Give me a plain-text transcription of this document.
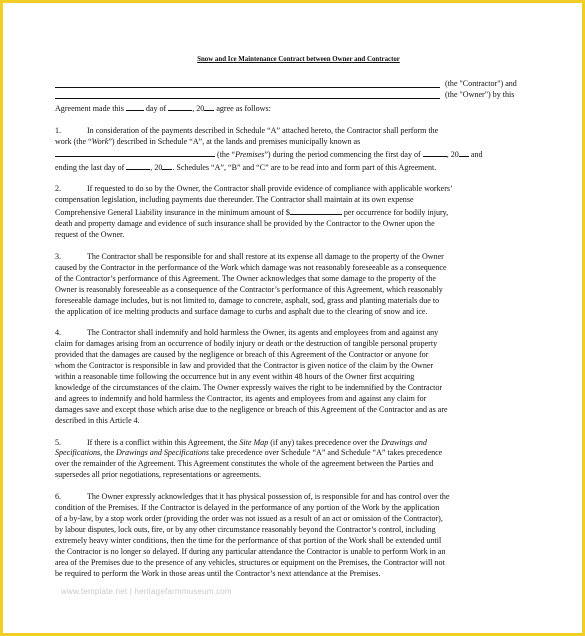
Snow and Ice Maintenance Contract between Owner and Contractor
(the "Contractor") and
(the "Owner") by this
Agreement made this	day of	, 20 agree as follows:
1.	In consideration of the payments described in Schedule “A” attached hereto, the Contractor shall perform the
work (the “Work”) described in Schedule “A”, at the lands and premises municipally known as
(the “Premises”) during the period commencing the first day of	, 20 and
ending the last day of	, 20 . Schedules “A”, “B” and “C” are to be read into and form part of this Agreement.
2.	If requested to do so by the Owner, the Contractor shall provide evidence of compliance with applicable workers’
compensation legislation, including payments due thereunder. The Contractor shall maintain at its own expense
Comprehensive General Liability insurance in the minimum amount of $	per occurrence for bodily injury,
death and property damage and evidence of such insurance shall be provided by the Contractor to the Owner upon the
request of the Owner.
3.	The Contractor shall be responsible for and shall restore at its expense all damage to the property of the Owner
caused by the Contractor in the performance of the Work which damage was not reasonably foreseeable as a consequence
of the Contractor’s performance of this Agreement. The Owner acknowledges that some damage to the property of the
Owner is reasonably foreseeable as a consequence of the Contractor’s performance of this Agreement, which reasonably
foreseeable damage includes, but is not limited to, damage to concrete, asphalt, sod, grass and planting materials due to
the application of ice melting products and surface damage to curbs and asphalt due to the clearing of snow and ice.
4.	The Contractor shall indemnify and hold harmless the Owner, its agents and employees from and against any
claim for damages arising from an occurrence of bodily injury or death or the destruction of tangible personal property
provided that the damages are caused by the negligence or breach of this Agreement of the Contractor or anyone for
whom the Contractor is responsible in law and provided that the Contractor is given notice of the claim by the Owner
within a reasonable time following the occurrence but in any event within 48 hours of the Owner first acquiring
knowledge of the circumstances of the claim. The Owner expressly waives the right to be indemnified by the Contractor
and agrees to indemnify and hold harmless the Contractor, its agents and employees from and against any claim for
damages save and except those which arise due to the negligence or breach of this Agreement of the Contractor and as are
described in this Article 4.
5.	If there is a conflict within this Agreement, the Site Map (if any) takes precedence over the Drawings and
Specifications, the Drawings and Specifications take precedence over Schedule “A” and Schedule “A” takes precedence
over the remainder of the Agreement. This Agreement constitutes the whole of the agreement between the Parties and
supersedes all prior negotiations, representations or agreements.
6.	The Owner expressly acknowledges that it has physical possession of, is responsible for and has control over the
condition of the Premises. If the Contractor is delayed in the performance of any portion of the Work by the application
of a by-law, by a stop work order (providing the order was not issued as a result of an act or omission of the Contractor),
by labour disputes, lock outs, fire, or by any other circumstance reasonably beyond the Contractor’s control, including
extremely heavy winter conditions, then the time for the performance of that portion of the Work shall be extended until
the Contractor is no longer so delayed. If during any particular attendance the Contractor is unable to perform Work in an
area of the Premises due to the presence of any vehicles, structures or equipment on the Premises, the Contractor will not
be required to perform the Work in those areas until the Contractor’s next attendance at the Premises.
www.template.net | heritagefarmmuseum.com
